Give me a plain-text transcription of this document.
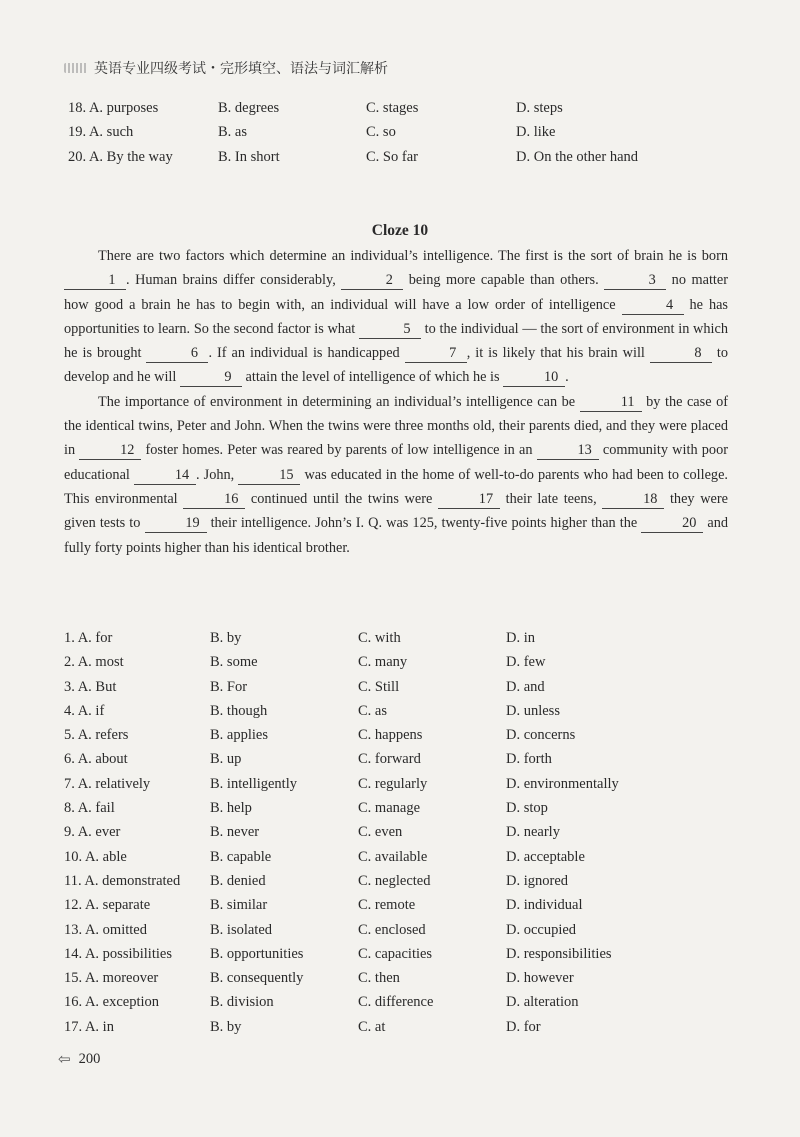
英语专业四级考试・完形填空、语法与词汇解析
18. A. purposes	B. degrees	C. stages	D. steps
19. A. such	B. as	C. so	D. like
20. A. By the way	B. In short	C. So far	D. On the other hand
Cloze 10

There are two factors which determine an individual’s intelligence. The first is the sort of brain he is born 1 . Human brains differ considerably,	2 being more capable than others.	3 no matter how good a brain he has to begin with, an individual will have a low order of intelligence	4 he has opportunities to learn. So the second factor is what	5 to the individual — the sort of environment in which he is brought	6 . If an individual is handicapped	7 , it is likely that his brain will	8 to develop and he will	9 attain the level of intelligence of which he is	10 .

The importance of environment in determining an individual’s intelligence can be	11 by the case of the identical twins, Peter and John. When the twins were three months old, their parents died, and they were placed in	12 foster homes. Peter was reared by parents of low intelligence in an	13 community with poor educational	14 . John,	15 was educated in the home of well-to-do parents who had been to college. This environmental	16 continued until the twins were	17 their late teens,	18 they were given tests to	19 their intelligence. John’s I. Q. was 125, twenty-five points higher than the	20 and fully forty points higher than his identical brother.

1. A. for	B. by	C. with	D. in
2. A. most	B. some	C. many	D. few
3. A. But	B. For	C. Still	D. and
4. A. if	B. though	C. as	D. unless
5. A. refers	B. applies	C. happens	D. concerns
6. A. about	B. up	C. forward	D. forth
7. A. relatively	B. intelligently	C. regularly	D. environmentally
8. A. fail	B. help	C. manage	D. stop
9. A. ever	B. never	C. even	D. nearly
10. A. able	B. capable	C. available	D. acceptable
11. A. demonstrated B. denied	C. neglected	D. ignored
12. A. separate	B. similar	C. remote	D. individual
13. A. omitted	B. isolated	C. enclosed	D. occupied
14. A. possibilities	B. opportunities	C. capacities	D. responsibilities
15. A. moreover	B. consequently	C. then	D. however
16. A. exception	B. division	C. difference	D. alteration
17. A. in	B. by	C. at	D. for
⇦ 200
